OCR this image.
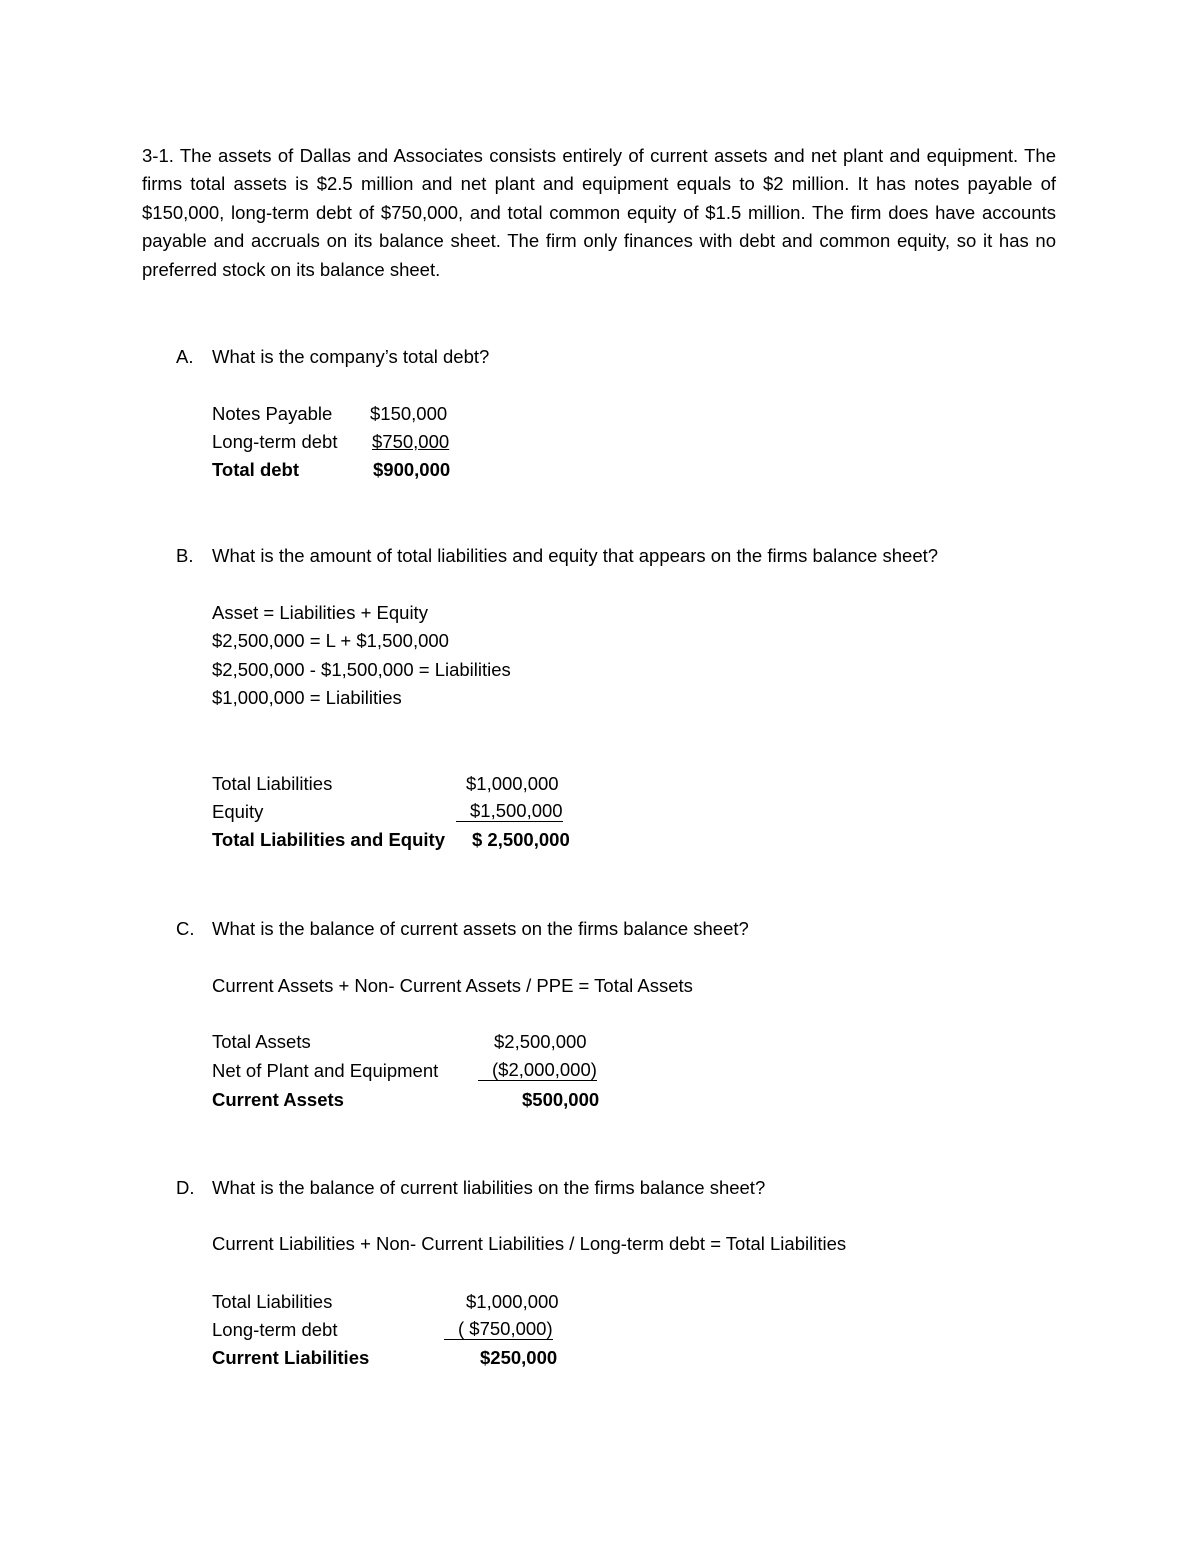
3-1. The assets of Dallas and Associates consists entirely of current assets and net plant and equipment. The firms total assets is $2.5 million and net plant and equipment equals to $2 million. It has notes payable of $150,000, long-term debt of $750,000, and total common equity of $1.5 million. The firm does have accounts payable and accruals on its balance sheet. The firm only finances with debt and common equity, so it has no preferred stock on its balance sheet.

A. What is the company’s total debt?
Notes Payable $150,000
Long-term debt $750,000
Total debt	$900,000
B. What is the amount of total liabilities and equity that appears on the firms balance sheet?
Asset = Liabilities + Equity
$2,500,000 = L + $1,500,000
$2,500,000 - $1,500,000 = Liabilities
$1,000,000 = Liabilities
Total Liabilities	$1,000,000
Equity	$1,500,000
Total Liabilities and Equity $ 2,500,000
C. What is the balance of current assets on the firms balance sheet?
Current Assets + Non- Current Assets / PPE = Total Assets
Total Assets	$2,500,000
Net of Plant and Equipment	($2,000,000)
Current Assets	$500,000
D. What is the balance of current liabilities on the firms balance sheet?
Current Liabilities + Non- Current Liabilities / Long-term debt = Total Liabilities
Total Liabilities	$1,000,000
Long-term debt	( $750,000)
Current Liabilities	$250,000
